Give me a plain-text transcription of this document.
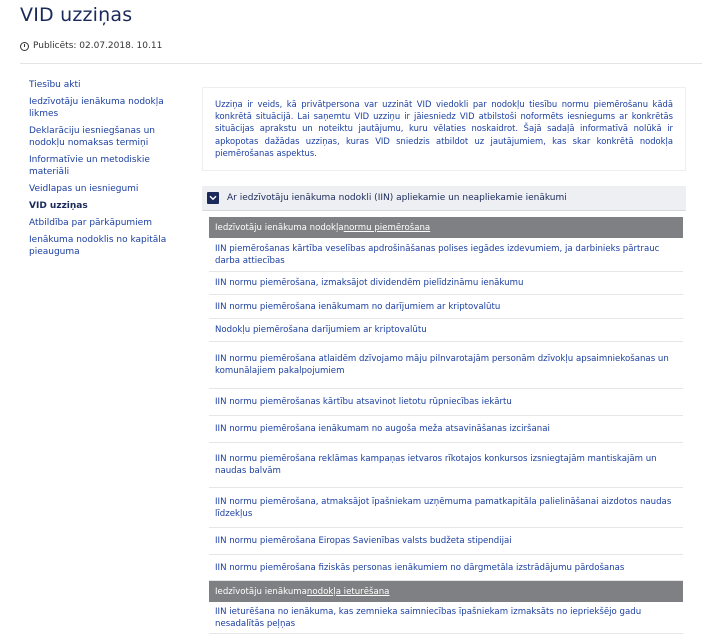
VID uzziņas
Publicēts: 02.07.2018. 10.11
Tiesību akti
Iedzīvotāju ienākuma nodokļa likmes
Deklarāciju iesniegšanas un nodokļu nomaksas termiņi
Informatīvie un metodiskie materiāli
Veidlapas un iesniegumi
VID uzziņas
Atbildība par pārkāpumiem
Ienākuma nodoklis no kapitāla pieauguma
Uzziņa ir veids, kā privātpersona var uzzināt VID viedokli par nodokļu tiesību normu piemērošanu kādā konkrētā situācijā. Lai saņemtu VID uzziņu ir jāiesniedz VID atbilstoši noformēts iesniegums ar konkrētās situācijas aprakstu un noteiktu jautājumu, kuru vēlaties noskaidrot. Šajā sadaļā informatīvā nolūkā ir apkopotas dažādas uzziņas, kuras VID sniedzis atbildot uz jautājumiem, kas skar konkrētā nodokļa piemērošanas aspektus.
Ar iedzīvotāju ienākuma nodokli (IIN) apliekamie un neapliekamie ienākumi
Iedzīvotāju ienākuma nodokļa normu piemērošana
IIN piemērošanas kārtība veselības apdrošināšanas polises iegādes izdevumiem, ja darbinieks pārtrauc darba attiecības
IIN normu piemērošana, izmaksājot dividendēm pielīdzināmu ienākumu
IIN normu piemērošana ienākumam no darījumiem ar kriptovalūtu
Nodokļu piemērošana darījumiem ar kriptovalūtu
IIN normu piemērošana atlaidēm dzīvojamo māju pilnvarotajām personām dzīvokļu apsaimniekošanas un komunālajiem pakalpojumiem
IIN normu piemērošanas kārtību atsavinot lietotu rūpniecības iekārtu
IIN normu piemērošana ienākumam no augoša meža atsavināšanas izciršanai
IIN normu piemērošana reklāmas kampaņas ietvaros rīkotajos konkursos izsniegtajām mantiskajām un naudas balvām
IIN normu piemērošana, atmaksājot īpašniekam uzņēmuma pamatkapitāla palielināšanai aizdotos naudas līdzekļus
IIN normu piemērošana Eiropas Savienības valsts budžeta stipendijai
IIN normu piemērošana fiziskās personas ienākumiem no dārgmetāla izstrādājumu pārdošanas
Iedzīvotāju ienākuma nodokļa ieturēšana
IIN ieturēšana no ienākuma, kas zemnieka saimniecības īpašniekam izmaksāts no iepriekšējo gadu nesadalītās peļņas
